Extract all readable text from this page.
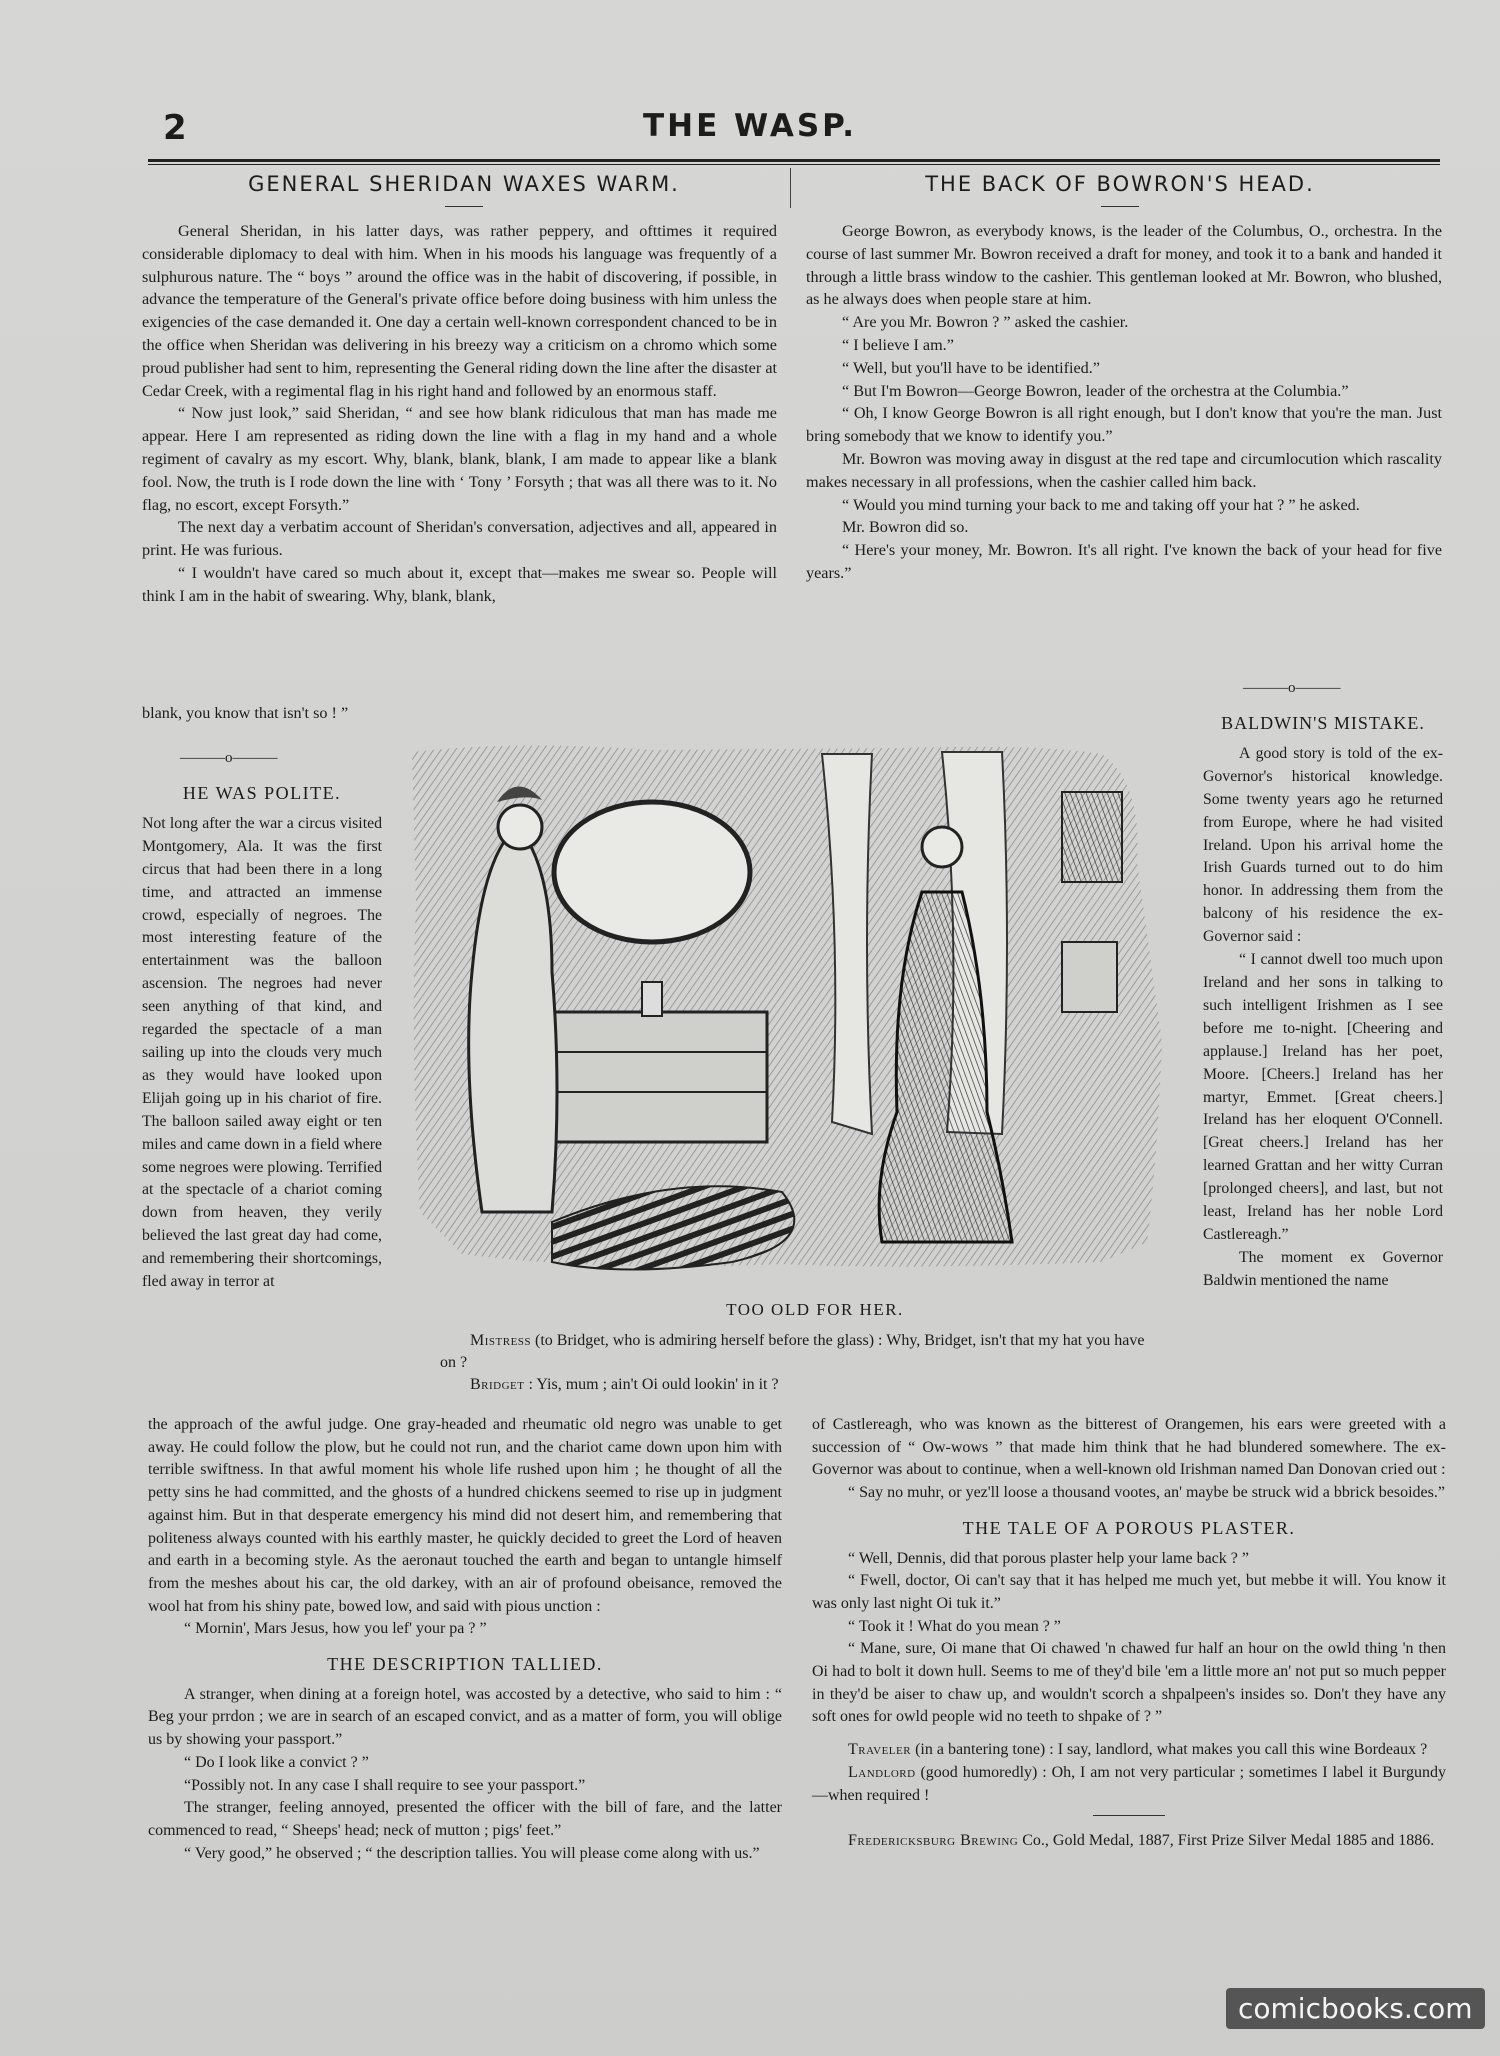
2	THE WASP.
GENERAL SHERIDAN WAXES WARM.	THE BACK OF BOWRON'S HEAD.

General Sheridan, in his latter days, was rather peppery, and ofttimes it required considerable diplomacy to deal with him. When in his moods his language was frequently of a sulphurous nature. The “ boys ” around the office was in the habit of discovering, if possible, in advance the temperature of the General's private office before doing business with him unless the exigencies of the case demanded it. One day a certain well-known correspondent chanced to be in the office when Sheridan was delivering in his breezy way a criticism on a chromo which some proud publisher had sent to him, representing the General riding down the line after the disaster at Cedar Creek, with a regimental flag in his right hand and followed by an enormous staff.

“ Now just look,” said Sheridan, “ and see how blank ridiculous that man has made me appear. Here I am represented as riding down the line with a flag in my hand and a whole regiment of cavalry as my escort. Why, blank, blank, blank, I am made to appear like a blank fool. Now, the truth is I rode down the line with ‘ Tony ’ Forsyth ; that was all there was to it. No flag, no escort, except Forsyth.”

The next day a verbatim account of Sheridan's conversation, adjectives and all, appeared in print. He was furious.

“ I wouldn't have cared so much about it, except that—makes me swear so. People will think I am in the habit of swearing. Why, blank, blank,

blank, you know that isn't so ! ”

———o———
HE WAS POLITE.

Not long after the war a circus visited Montgomery, Ala. It was the first circus that had been there in a long time, and attracted an immense crowd, especially of negroes. The most interesting feature of the entertainment was the balloon ascension. The negroes had never seen anything of that kind, and regarded the spectacle of a man sailing up into the clouds very much as they would have looked upon Elijah going up in his chariot of fire. The balloon sailed away eight or ten miles and came down in a field where some negroes were plowing. Terrified at the spectacle of a chariot coming down from heaven, they verily believed the last great day had come, and remembering their shortcomings, fled away in terror at

the approach of the awful judge. One gray-headed and rheumatic old negro was unable to get away. He could follow the plow, but he could not run, and the chariot came down upon him with terrible swiftness. In that awful moment his whole life rushed upon him ; he thought of all the petty sins he had committed, and the ghosts of a hundred chickens seemed to rise up in judgment against him. But in that desperate emergency his mind did not desert him, and remembering that politeness always counted with his earthly master, he quickly decided to greet the Lord of heaven and earth in a becoming style. As the aeronaut touched the earth and began to untangle himself from the meshes about his car, the old darkey, with an air of profound obeisance, removed the wool hat from his shiny pate, bowed low, and said with pious unction :

“ Mornin', Mars Jesus, how you lef' your pa ? ”

THE DESCRIPTION TALLIED.

A stranger, when dining at a foreign hotel, was accosted by a detective, who said to him : “ Beg your prrdon ; we are in search of an escaped convict, and as a matter of form, you will oblige us by showing your passport.”

“ Do I look like a convict ? ”

“Possibly not. In any case I shall require to see your passport.”

The stranger, feeling annoyed, presented the officer with the bill of fare, and the latter commenced to read, “ Sheeps' head; neck of mutton ; pigs' feet.”

“ Very good,” he observed ; “ the description tallies. You will please come along with us.”

George Bowron, as everybody knows, is the leader of the Columbus, O., orchestra. In the course of last summer Mr. Bowron received a draft for money, and took it to a bank and handed it through a little brass window to the cashier. This gentleman looked at Mr. Bowron, who blushed, as he always does when people stare at him.

“ Are you Mr. Bowron ? ” asked the cashier.

“ I believe I am.”

“ Well, but you'll have to be identified.”

“ But I'm Bowron—George Bowron, leader of the orchestra at the Columbia.”

“ Oh, I know George Bowron is all right enough, but I don't know that you're the man. Just bring somebody that we know to identify you.”

Mr. Bowron was moving away in disgust at the red tape and circumlocution which rascality makes necessary in all professions, when the cashier called him back.

“ Would you mind turning your back to me and taking off your hat ? ” he asked.

Mr. Bowron did so.

“ Here's your money, Mr. Bowron. It's all right. I've known the back of your head for five years.”

———o———
BALDWIN'S MISTAKE.

A good story is told of the ex-Governor's historical knowledge. Some twenty years ago he returned from Europe, where he had visited Ireland. Upon his arrival home the Irish Guards turned out to do him honor. In addressing them from the balcony of his residence the ex-Governor said :

“ I cannot dwell too much upon Ireland and her sons in talking to such intelligent Irishmen as I see before me to-night. [Cheering and applause.] Ireland has her poet, Moore. [Cheers.] Ireland has her martyr, Emmet. [Great cheers.] Ireland has her eloquent O'Connell. [Great cheers.] Ireland has her learned Grattan and her witty Curran [prolonged cheers], and last, but not least, Ireland has her noble Lord Castlereagh.”

The moment ex Governor Baldwin mentioned the name

of Castlereagh, who was known as the bitterest of Orangemen, his ears were greeted with a succession of “ Ow-wows ” that made him think that he had blundered somewhere. The ex-Governor was about to continue, when a well-known old Irishman named Dan Donovan cried out :

“ Say no muhr, or yez'll loose a thousand vootes, an' maybe be struck wid a bbrick besoides.”

THE TALE OF A POROUS PLASTER.

“ Well, Dennis, did that porous plaster help your lame back ? ”

“ Fwell, doctor, Oi can't say that it has helped me much yet, but mebbe it will. You know it was only last night Oi tuk it.”

“ Took it ! What do you mean ? ”

“ Mane, sure, Oi mane that Oi chawed 'n chawed fur half an hour on the owld thing 'n then Oi had to bolt it down hull. Seems to me of they'd bile 'em a little more an' not put so much pepper in they'd be aiser to chaw up, and wouldn't scorch a shpalpeen's insides so. Don't they have any soft ones for owld people wid no teeth to shpake of ? ”

Traveler (in a bantering tone) : I say, landlord, what makes you call this wine Bordeaux ?

Landlord (good humoredly) : Oh, I am not very particular ; sometimes I label it Burgundy—when required !

Fredericksburg Brewing Co., Gold Medal, 1887, First Prize Silver Medal 1885 and 1886.

TOO OLD FOR HER.

Mistress (to Bridget, who is admiring herself before the glass) : Why, Bridget, isn't that my hat you have on ?

Bridget : Yis, mum ; ain't Oi ould lookin' in it ?

comicbooks.com
